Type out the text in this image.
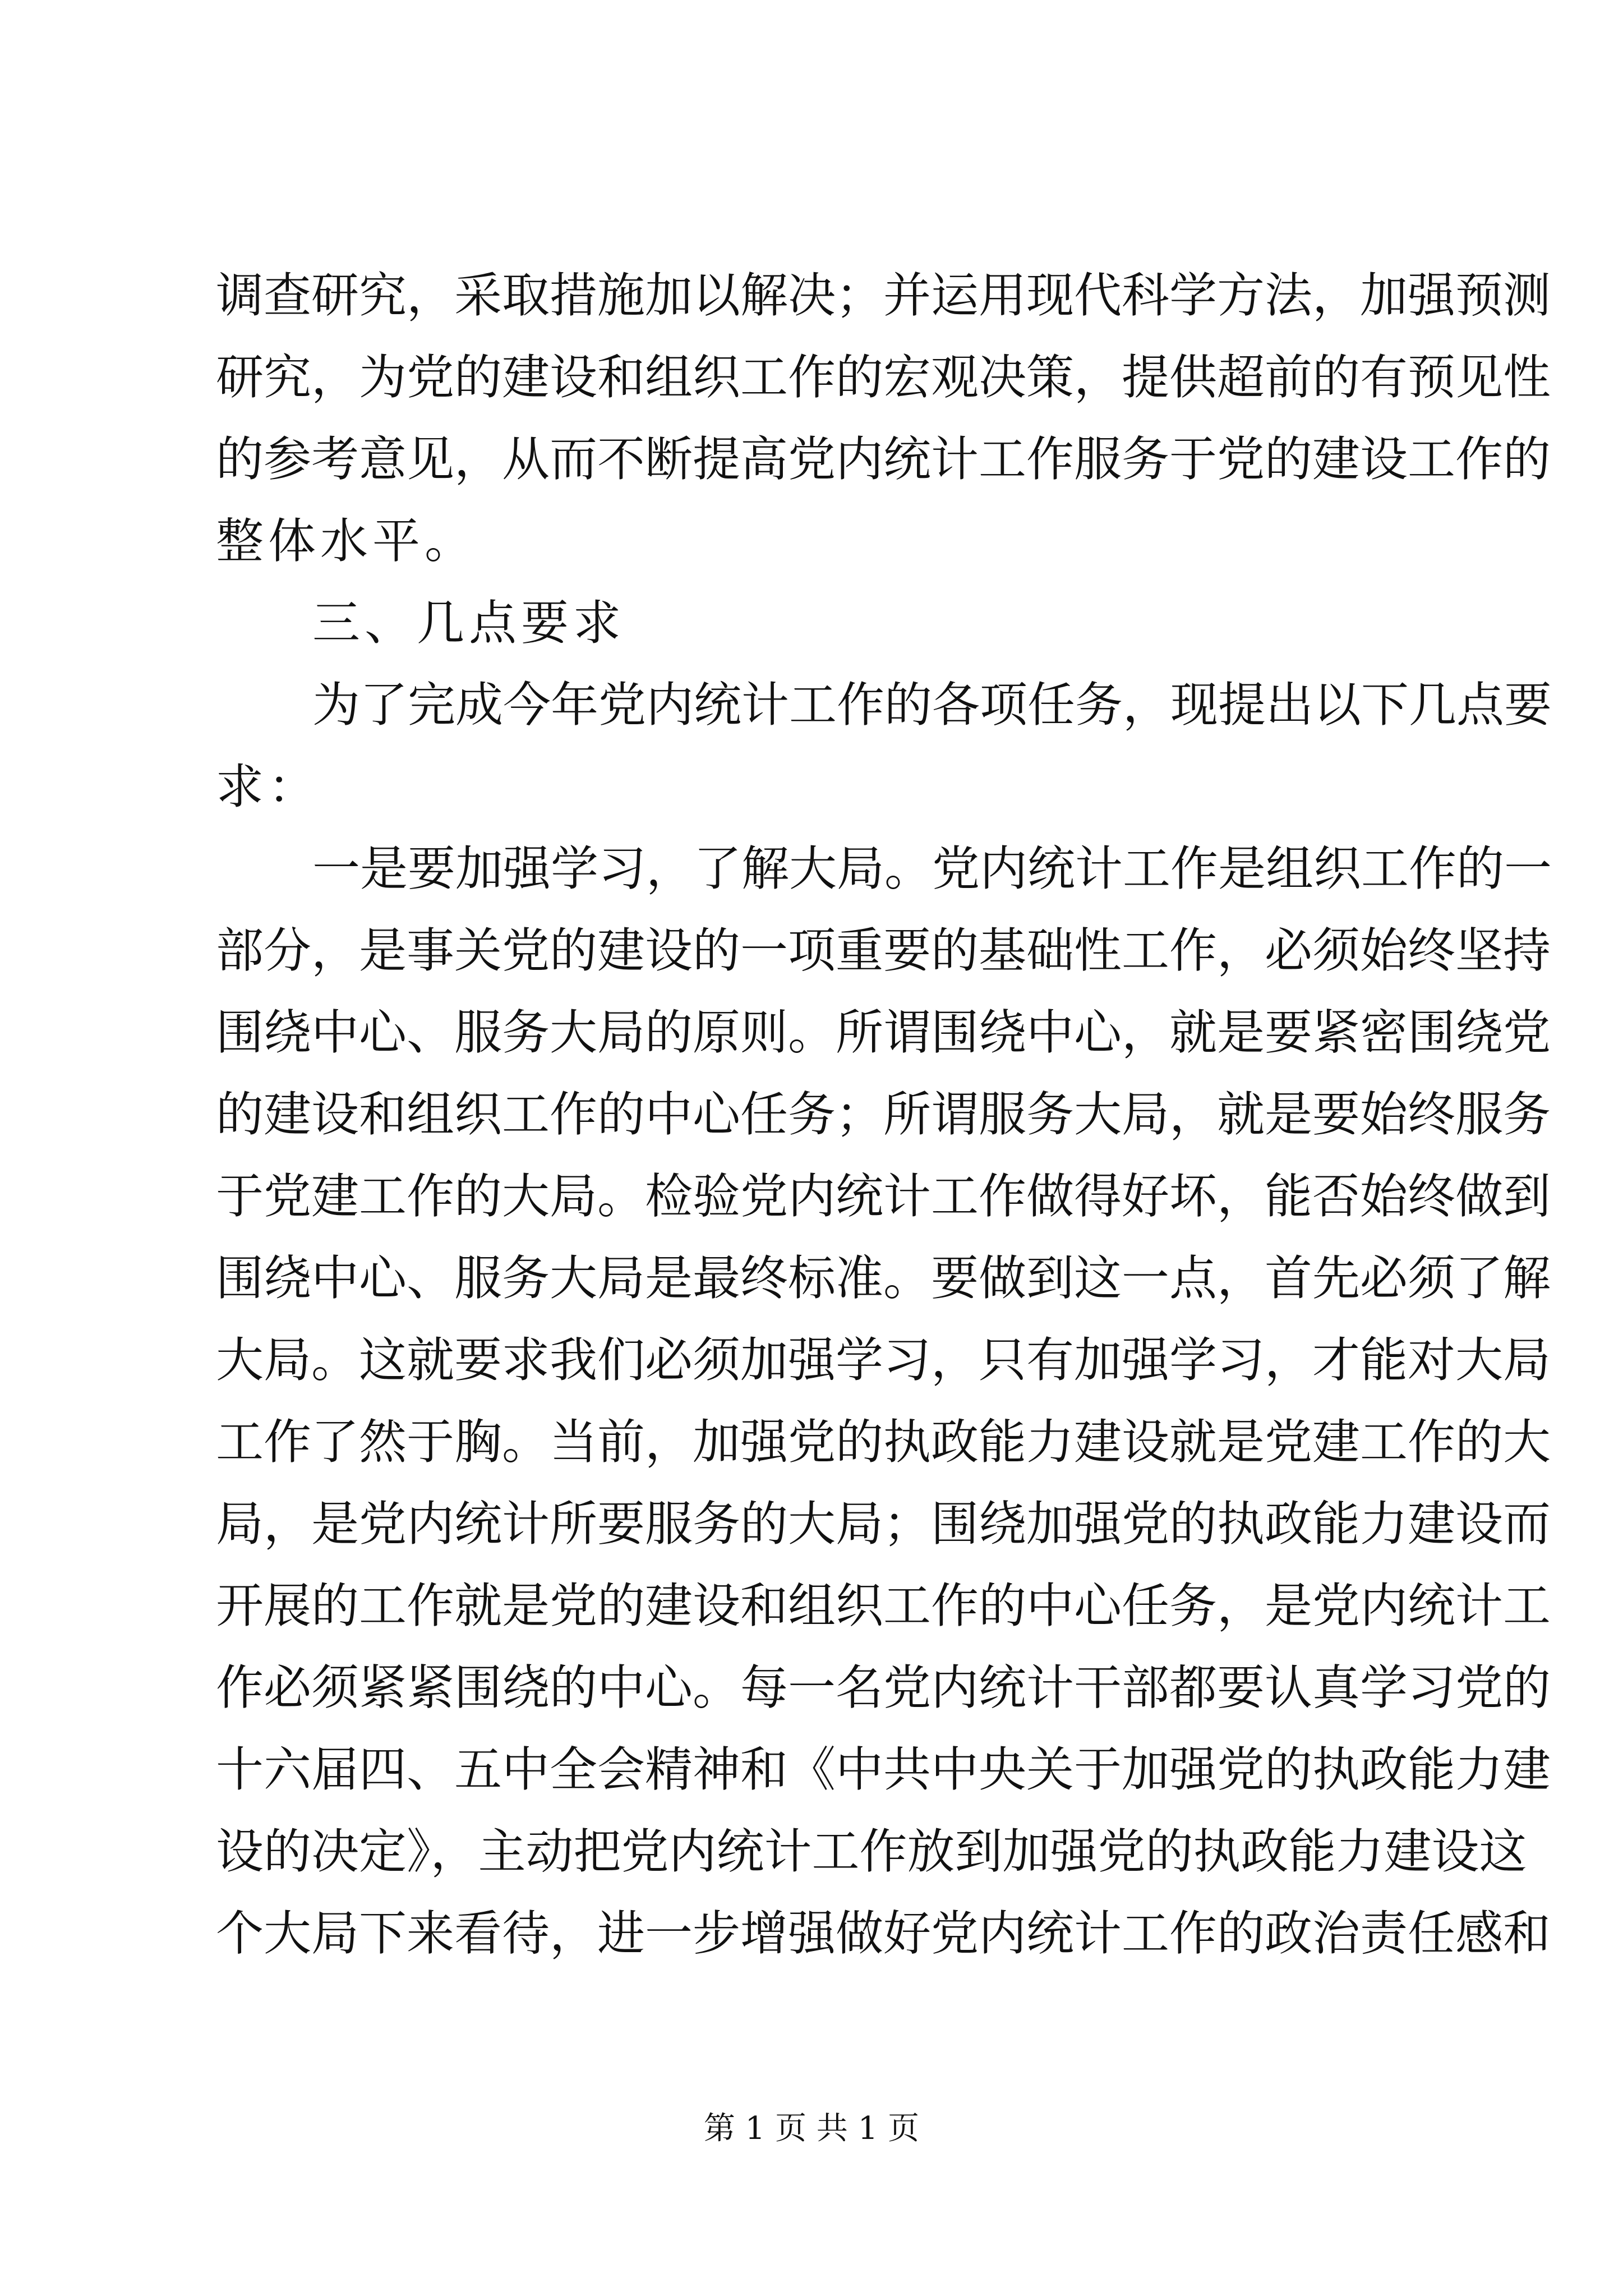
调查研究，采取措施加以解决；并运用现代科学方法，加强预测
研究，为党的建设和组织工作的宏观决策，提供超前的有预见性
的参考意见，从而不断提高党内统计工作服务于党的建设工作的
整体水平。
三、几点要求
为了完成今年党内统计工作的各项任务，现提出以下几点要
求：
一是要加强学习，了解大局。党内统计工作是组织工作的一
部分，是事关党的建设的一项重要的基础性工作，必须始终坚持
围绕中心、服务大局的原则。所谓围绕中心，就是要紧密围绕党
的建设和组织工作的中心任务；所谓服务大局，就是要始终服务
于党建工作的大局。检验党内统计工作做得好坏，能否始终做到
围绕中心、服务大局是最终标准。要做到这一点，首先必须了解
大局。这就要求我们必须加强学习，只有加强学习，才能对大局
工作了然于胸。当前，加强党的执政能力建设就是党建工作的大
局，是党内统计所要服务的大局；围绕加强党的执政能力建设而
开展的工作就是党的建设和组织工作的中心任务，是党内统计工
作必须紧紧围绕的中心。每一名党内统计干部都要认真学习党的
十六届四、五中全会精神和《中共中央关于加强党的执政能力建
设的决定》，主动把党内统计工作放到加强党的执政能力建设这
个大局下来看待，进一步增强做好党内统计工作的政治责任感和
第 1 页 共 1 页
